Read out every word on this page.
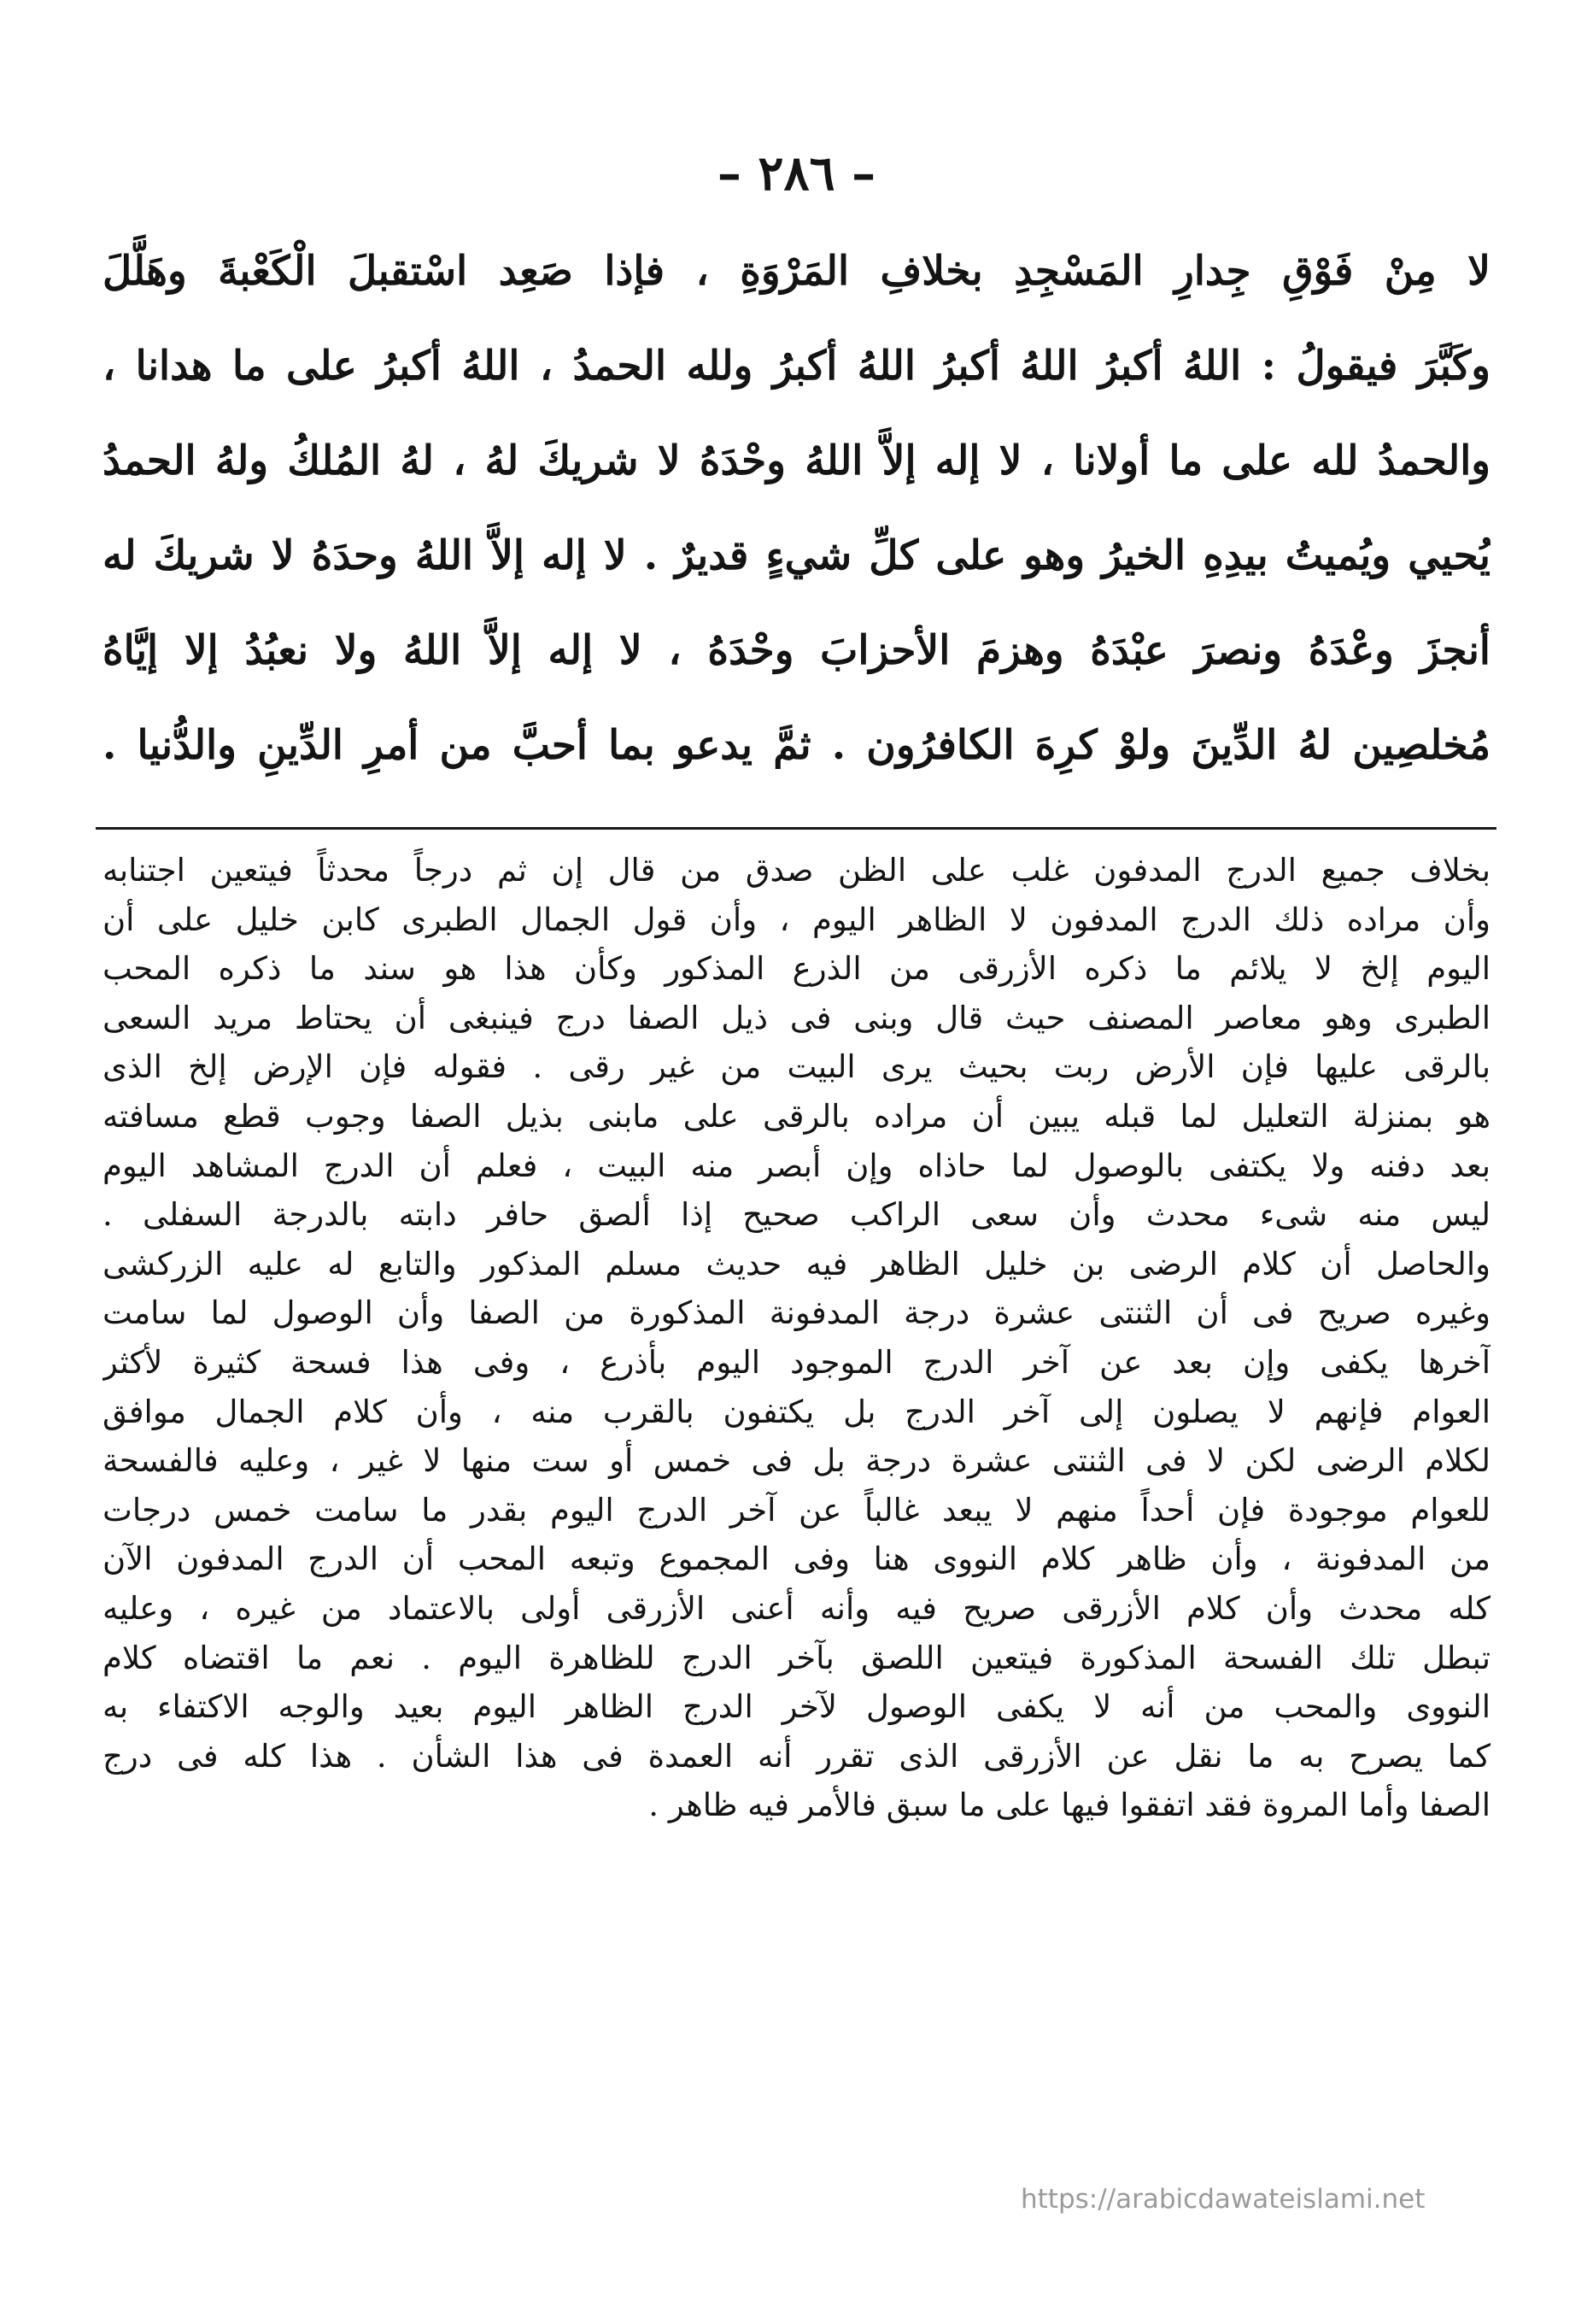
– ٢٨٦ –
لا مِنْ فَوْقِ جِدارِ المَسْجِدِ بخلافِ المَرْوَةِ ، فإذا صَعِد اسْتقبلَ الْكَعْبةَ وهَلَّلَ
وكَبَّرَ فيقولُ : اللهُ أكبرُ اللهُ أكبرُ اللهُ أكبرُ ولله الحمدُ ، اللهُ أكبرُ على ما هدانا ،
والحمدُ لله على ما أولانا ، لا إله إلاَّ اللهُ وحْدَهُ لا شريكَ لهُ ، لهُ المُلكُ ولهُ الحمدُ
يُحيي ويُميتُ بيدِهِ الخيرُ وهو على كلِّ شيءٍ قديرٌ . لا إله إلاَّ اللهُ وحدَهُ لا شريكَ له
أنجزَ وعْدَهُ ونصرَ عبْدَهُ وهزمَ الأحزابَ وحْدَهُ ، لا إله إلاَّ اللهُ ولا نعبُدُ إلا إيَّاهُ
مُخلصِين لهُ الدِّينَ ولوْ كرِهَ الكافرُون . ثمَّ يدعو بما أحبَّ من أمرِ الدِّينِ والدُّنيا .
بخلاف جميع الدرج المدفون غلب على الظن صدق من قال إن ثم درجاً محدثاً فيتعين اجتنابه
وأن مراده ذلك الدرج المدفون لا الظاهر اليوم ، وأن قول الجمال الطبرى كابن خليل على أن
اليوم إلخ لا يلائم ما ذكره الأزرقى من الذرع المذكور وكأن هذا هو سند ما ذكره المحب
الطبرى وهو معاصر المصنف حيث قال وبنى فى ذيل الصفا درج فينبغى أن يحتاط مريد السعى
بالرقى عليها فإن الأرض ربت بحيث يرى البيت من غير رقى . فقوله فإن الإرض إلخ الذى
هو بمنزلة التعليل لما قبله يبين أن مراده بالرقى على مابنى بذيل الصفا وجوب قطع مسافته
بعد دفنه ولا يكتفى بالوصول لما حاذاه وإن أبصر منه البيت ، فعلم أن الدرج المشاهد اليوم
ليس منه شىء محدث وأن سعى الراكب صحيح إذا ألصق حافر دابته بالدرجة السفلى .
والحاصل أن كلام الرضى بن خليل الظاهر فيه حديث مسلم المذكور والتابع له عليه الزركشى
وغيره صريح فى أن الثنتى عشرة درجة المدفونة المذكورة من الصفا وأن الوصول لما سامت
آخرها يكفى وإن بعد عن آخر الدرج الموجود اليوم بأذرع ، وفى هذا فسحة كثيرة لأكثر
العوام فإنهم لا يصلون إلى آخر الدرج بل يكتفون بالقرب منه ، وأن كلام الجمال موافق
لكلام الرضى لكن لا فى الثنتى عشرة درجة بل فى خمس أو ست منها لا غير ، وعليه فالفسحة
للعوام موجودة فإن أحداً منهم لا يبعد غالباً عن آخر الدرج اليوم بقدر ما سامت خمس درجات
من المدفونة ، وأن ظاهر كلام النووى هنا وفى المجموع وتبعه المحب أن الدرج المدفون الآن
كله محدث وأن كلام الأزرقى صريح فيه وأنه أعنى الأزرقى أولى بالاعتماد من غيره ، وعليه
تبطل تلك الفسحة المذكورة فيتعين اللصق بآخر الدرج للظاهرة اليوم . نعم ما اقتضاه كلام
النووى والمحب من أنه لا يكفى الوصول لآخر الدرج الظاهر اليوم بعيد والوجه الاكتفاء به
كما يصرح به ما نقل عن الأزرقى الذى تقرر أنه العمدة فى هذا الشأن . هذا كله فى درج
الصفا وأما المروة فقد اتفقوا فيها على ما سبق فالأمر فيه ظاهر .
https://arabicdawateislami.net
